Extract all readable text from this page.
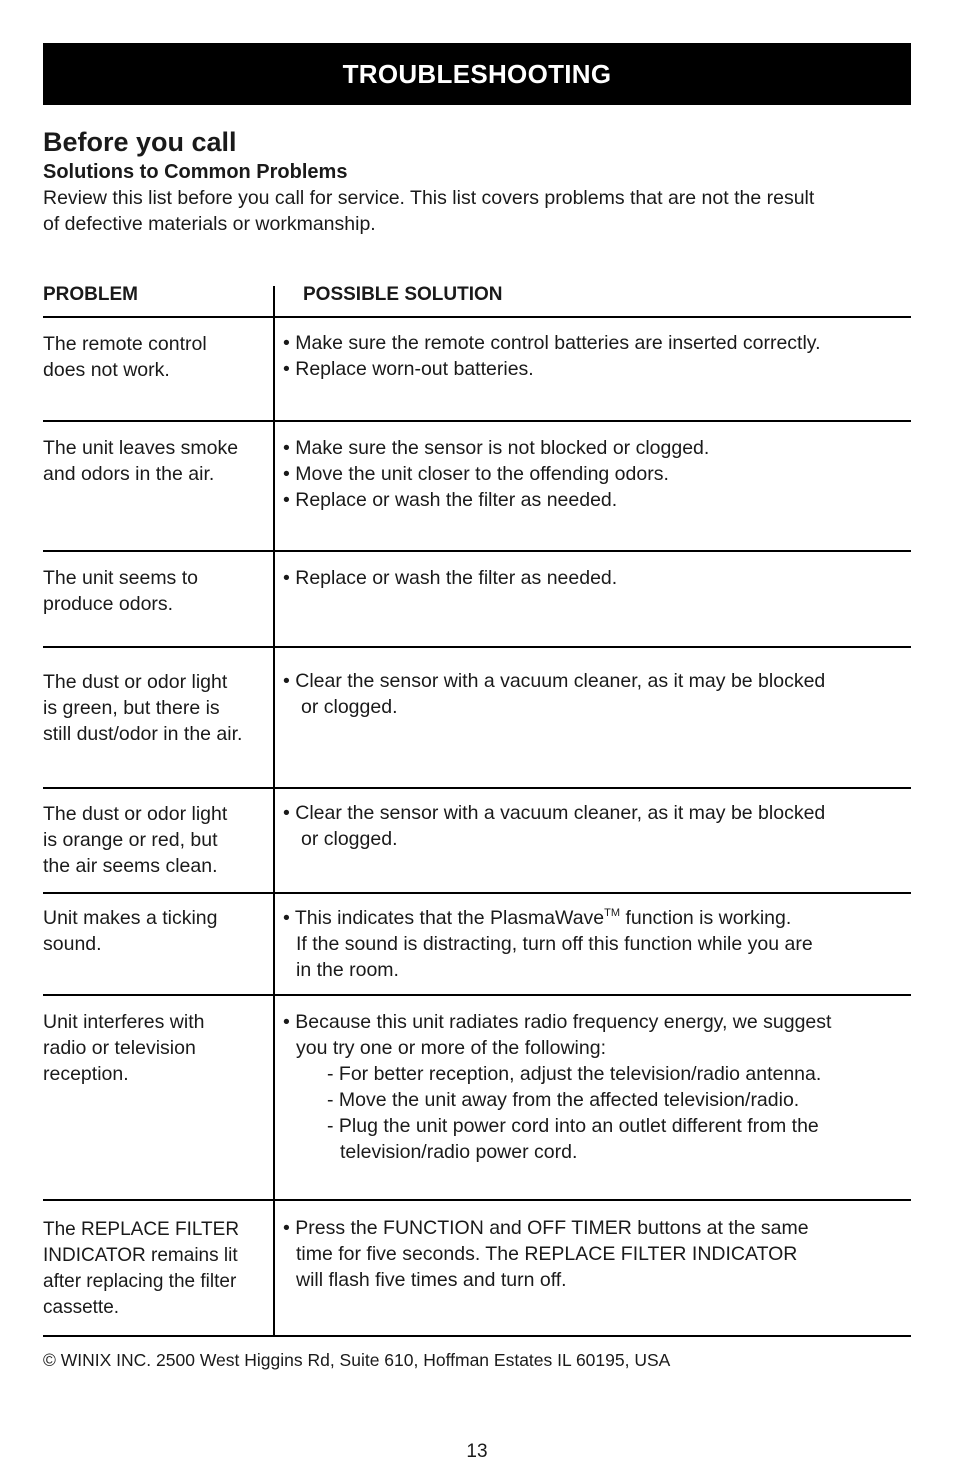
TROUBLESHOOTING
Before you call
Solutions to Common Problems
Review this list before you call for service. This list covers problems that are not the result
of defective materials or workmanship.
PROBLEM	POSSIBLE SOLUTION
The remote control
does not work.
• Make sure the remote control batteries are inserted correctly.
• Replace worn-out batteries.
The unit leaves smoke
and odors in the air.
• Make sure the sensor is not blocked or clogged.
• Move the unit closer to the offending odors.
• Replace or wash the filter as needed.
The unit seems to
produce odors.
• Replace or wash the filter as needed.
The dust or odor light
is green, but there is
still dust/odor in the air.
• Clear the sensor with a vacuum cleaner, as it may be blocked
or clogged.
The dust or odor light
is orange or red, but
the air seems clean.
• Clear the sensor with a vacuum cleaner, as it may be blocked
or clogged.
Unit makes a ticking
sound.
• This indicates that the PlasmaWave™ function is working.
If the sound is distracting, turn off this function while you are
in the room.
Unit interferes with
radio or television
reception.
• Because this unit radiates radio frequency energy, we suggest
you try one or more of the following:
- For better reception, adjust the television/radio antenna.
- Move the unit away from the affected television/radio.
- Plug the unit power cord into an outlet different from the
television/radio power cord.
The REPLACE FILTER
INDICATOR remains lit
after replacing the filter
cassette.
• Press the FUNCTION and OFF TIMER buttons at the same
time for five seconds. The REPLACE FILTER INDICATOR
will flash five times and turn off.
© WINIX INC. 2500 West Higgins Rd, Suite 610, Hoffman Estates IL 60195, USA
13
